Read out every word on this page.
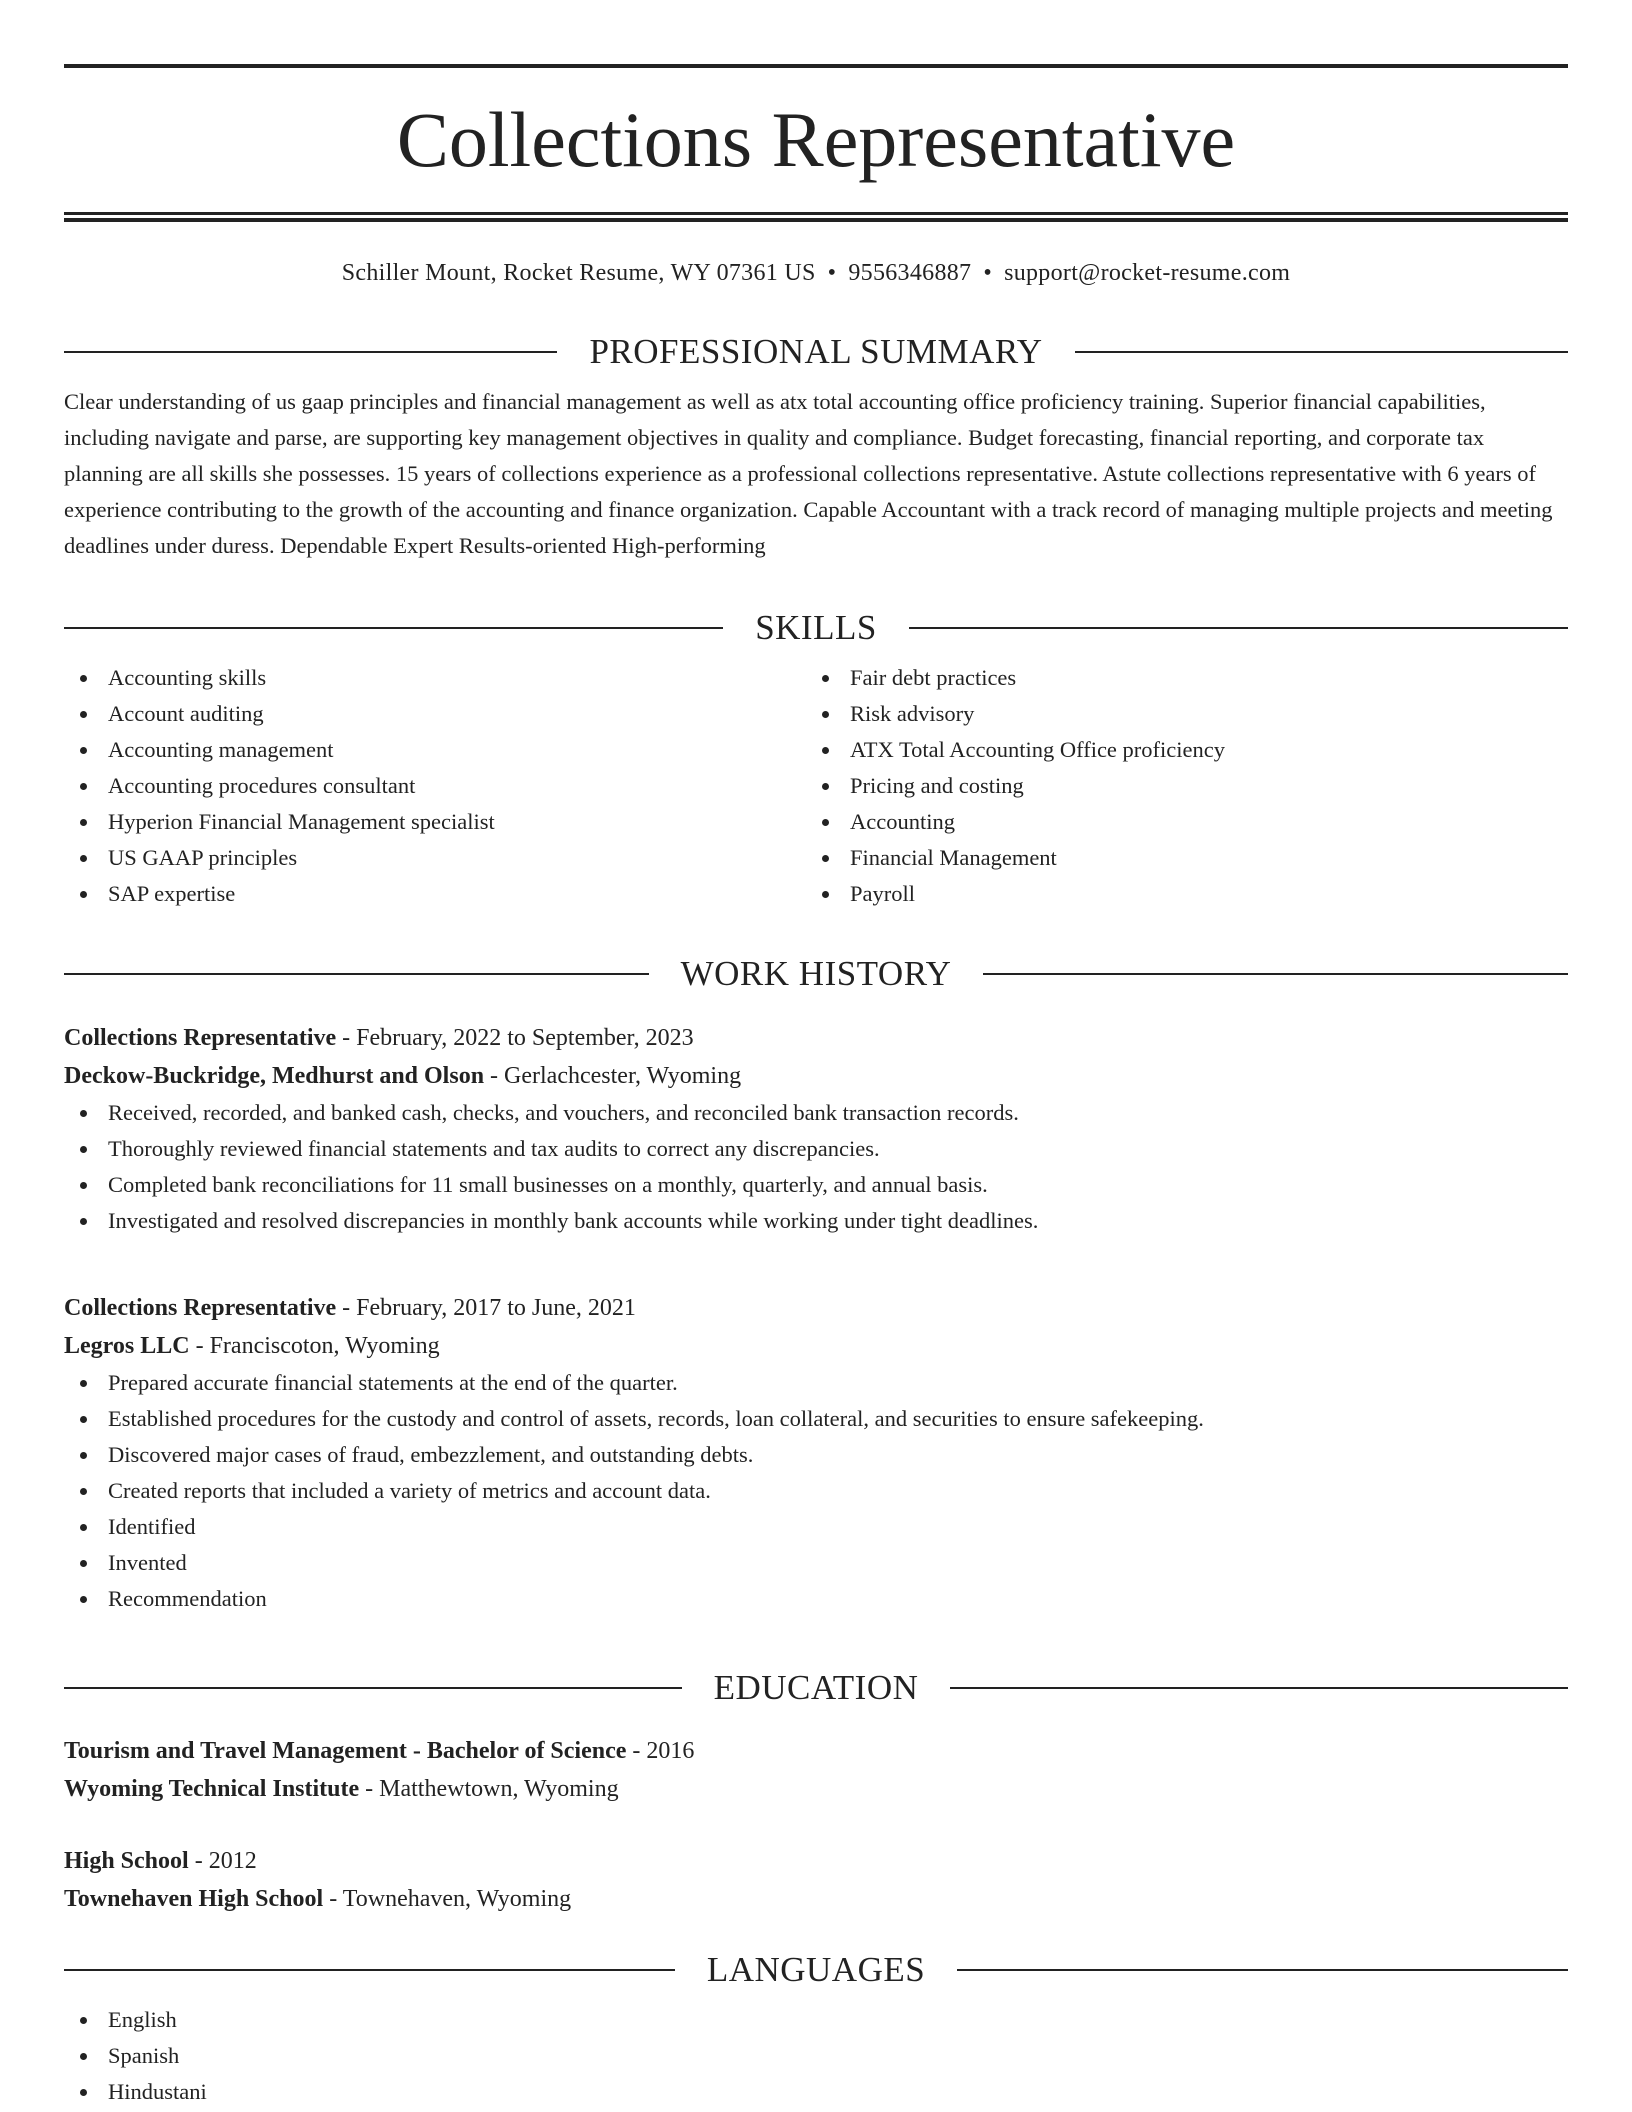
Collections Representative
Schiller Mount, Rocket Resume, WY 07361 US • 9556346887 • support@rocket-resume.com
PROFESSIONAL SUMMARY
Clear understanding of us gaap principles and financial management as well as atx total accounting office proficiency training. Superior financial capabilities, including navigate and parse, are supporting key management objectives in quality and compliance. Budget forecasting, financial reporting, and corporate tax planning are all skills she possesses. 15 years of collections experience as a professional collections representative. Astute collections representative with 6 years of experience contributing to the growth of the accounting and finance organization. Capable Accountant with a track record of managing multiple projects and meeting deadlines under duress. Dependable Expert Results-oriented High-performing
SKILLS
Accounting skills
Account auditing
Accounting management
Accounting procedures consultant
Hyperion Financial Management specialist
US GAAP principles
SAP expertise
Fair debt practices
Risk advisory
ATX Total Accounting Office proficiency
Pricing and costing
Accounting
Financial Management
Payroll
WORK HISTORY
Collections Representative - February, 2022 to September, 2023
Deckow-Buckridge, Medhurst and Olson - Gerlachcester, Wyoming
Received, recorded, and banked cash, checks, and vouchers, and reconciled bank transaction records.
Thoroughly reviewed financial statements and tax audits to correct any discrepancies.
Completed bank reconciliations for 11 small businesses on a monthly, quarterly, and annual basis.
Investigated and resolved discrepancies in monthly bank accounts while working under tight deadlines.
Collections Representative - February, 2017 to June, 2021
Legros LLC - Franciscoton, Wyoming
Prepared accurate financial statements at the end of the quarter.
Established procedures for the custody and control of assets, records, loan collateral, and securities to ensure safekeeping.
Discovered major cases of fraud, embezzlement, and outstanding debts.
Created reports that included a variety of metrics and account data.
Identified
Invented
Recommendation
EDUCATION
Tourism and Travel Management - Bachelor of Science - 2016
Wyoming Technical Institute - Matthewtown, Wyoming
High School - 2012
Townehaven High School - Townehaven, Wyoming
LANGUAGES
English
Spanish
Hindustani
